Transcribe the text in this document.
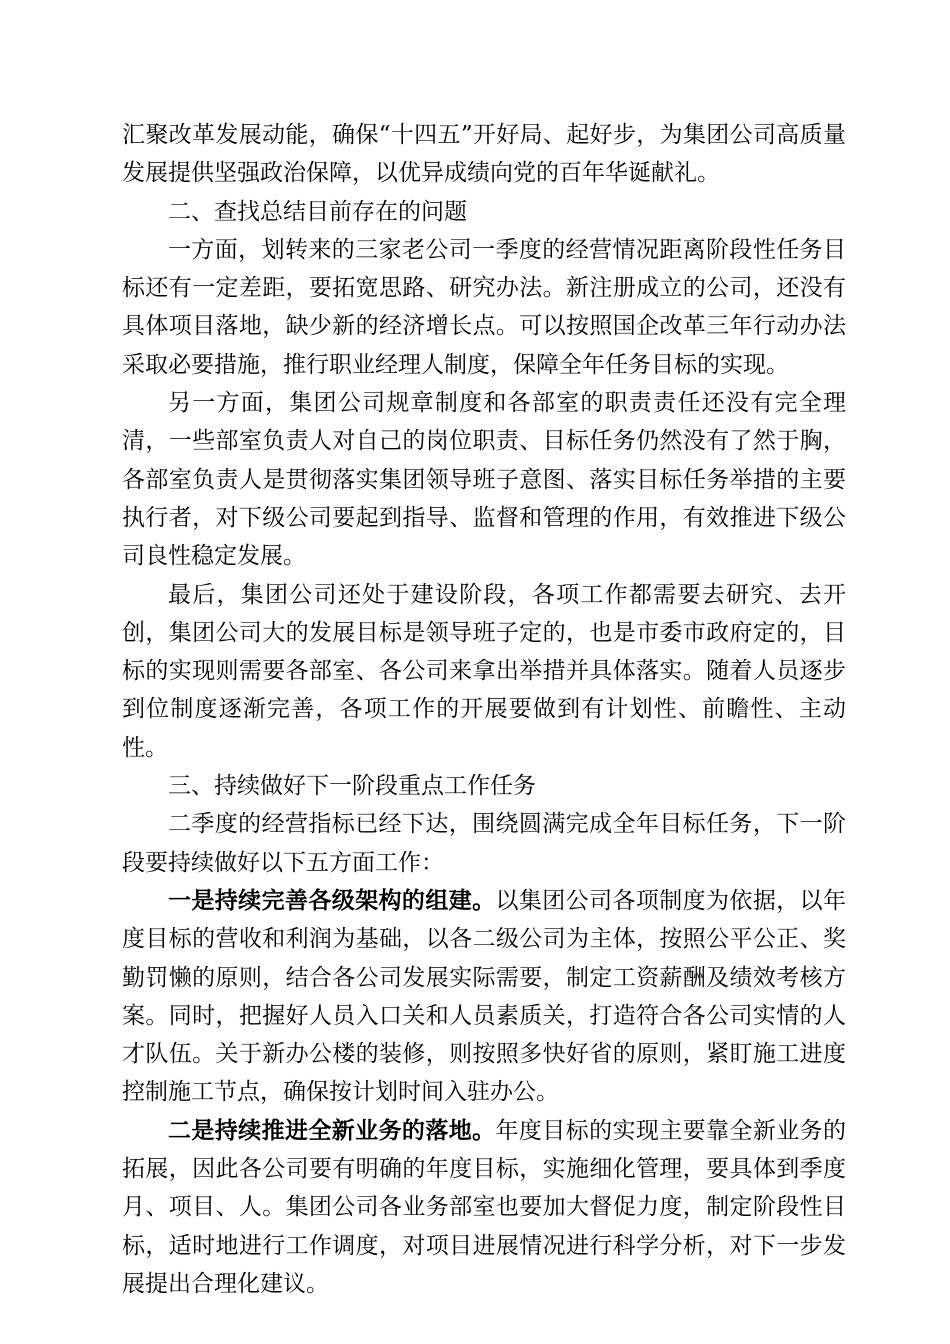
汇聚改革发展动能，确保“十四五”开好局、起好步，为集团公司高质量发展提供坚强政治保障，以优异成绩向党的百年华诞献礼。

二、查找总结目前存在的问题

一方面，划转来的三家老公司一季度的经营情况距离阶段性任务目标还有一定差距，要拓宽思路、研究办法。新注册成立的公司，还没有具体项目落地，缺少新的经济增长点。可以按照国企改革三年行动办法采取必要措施，推行职业经理人制度，保障全年任务目标的实现。

另一方面，集团公司规章制度和各部室的职责责任还没有完全理清，一些部室负责人对自己的岗位职责、目标任务仍然没有了然于胸，各部室负责人是贯彻落实集团领导班子意图、落实目标任务举措的主要执行者，对下级公司要起到指导、监督和管理的作用，有效推进下级公司良性稳定发展。

最后，集团公司还处于建设阶段，各项工作都需要去研究、去开创，集团公司大的发展目标是领导班子定的，也是市委市政府定的，目标的实现则需要各部室、各公司来拿出举措并具体落实。随着人员逐步到位制度逐渐完善，各项工作的开展要做到有计划性、前瞻性、主动性。

三、持续做好下一阶段重点工作任务

二季度的经营指标已经下达，围绕圆满完成全年目标任务，下一阶段要持续做好以下五方面工作：

一是持续完善各级架构的组建。以集团公司各项制度为依据，以年度目标的营收和利润为基础，以各二级公司为主体，按照公平公正、奖勤罚懒的原则，结合各公司发展实际需要，制定工资薪酬及绩效考核方案。同时，把握好人员入口关和人员素质关，打造符合各公司实情的人才队伍。关于新办公楼的装修，则按照多快好省的原则，紧盯施工进度控制施工节点，确保按计划时间入驻办公。

二是持续推进全新业务的落地。年度目标的实现主要靠全新业务的拓展，因此各公司要有明确的年度目标，实施细化管理，要具体到季度月、项目、人。集团公司各业务部室也要加大督促力度，制定阶段性目标，适时地进行工作调度，对项目进展情况进行科学分析，对下一步发展提出合理化建议。
